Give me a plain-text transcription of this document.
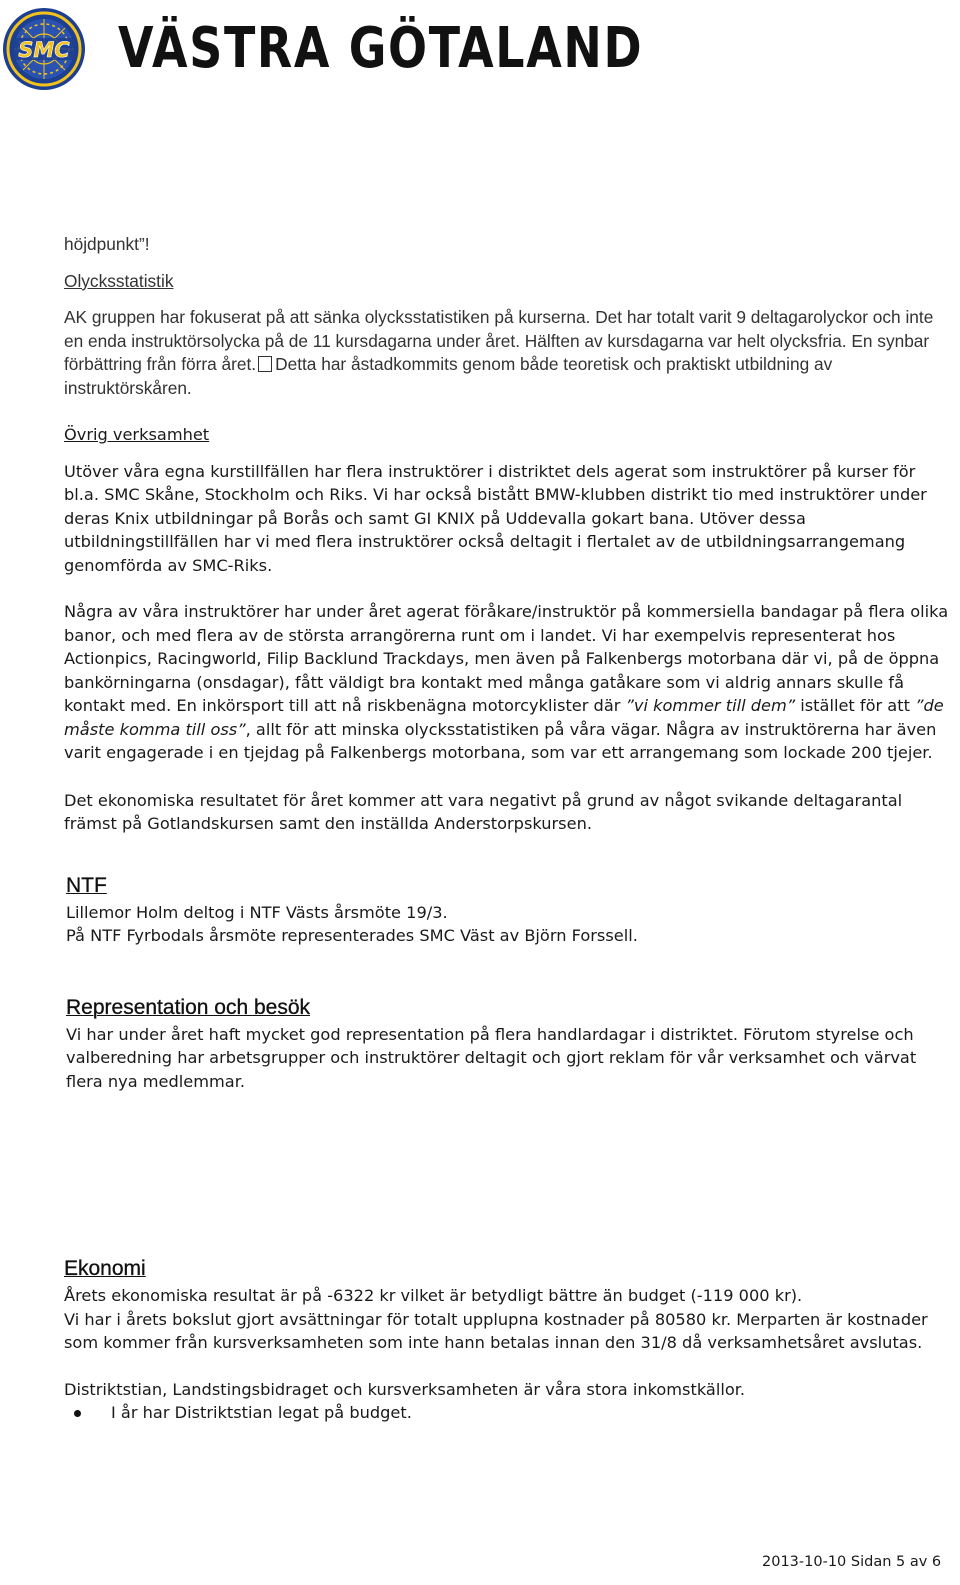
SMC VÄSTRA GÖTALAND

höjdpunkt”!

Olycksstatistik

AK gruppen har fokuserat på att sänka olycksstatistiken på kurserna. Det har totalt varit 9 deltagarolyckor och inte en enda instruktörsolycka på de 11 kursdagarna under året. Hälften av kursdagarna var helt olycksfria. En synbar förbättring från förra året. Detta har åstadkommits genom både teoretisk och praktiskt utbildning av instruktörskåren.

Övrig verksamhet

Utöver våra egna kurstillfällen har flera instruktörer i distriktet dels agerat som instruktörer på kurser för bl.a. SMC Skåne, Stockholm och Riks. Vi har också bistått BMW-klubben distrikt tio med instruktörer under deras Knix utbildningar på Borås och samt GI KNIX på Uddevalla gokart bana. Utöver dessa utbildningstillfällen har vi med flera instruktörer också deltagit i flertalet av de utbildningsarrangemang genomförda av SMC-Riks.

Några av våra instruktörer har under året agerat föråkare/instruktör på kommersiella bandagar på flera olika banor, och med flera av de största arrangörerna runt om i landet. Vi har exempelvis representerat hos Actionpics, Racingworld, Filip Backlund Trackdays, men även på Falkenbergs motorbana där vi, på de öppna bankörningarna (onsdagar), fått väldigt bra kontakt med många gatåkare som vi aldrig annars skulle få kontakt med. En inkörsport till att nå riskbenägna motorcyklister där ”vi kommer till dem” istället för att ”de måste komma till oss”, allt för att minska olycksstatistiken på våra vägar. Några av instruktörerna har även varit engagerade i en tjejdag på Falkenbergs motorbana, som var ett arrangemang som lockade 200 tjejer.

Det ekonomiska resultatet för året kommer att vara negativt på grund av något svikande deltagarantal främst på Gotlandskursen samt den inställda Anderstorpskursen.

NTF

Lillemor Holm deltog i NTF Västs årsmöte 19/3.

På NTF Fyrbodals årsmöte representerades SMC Väst av Björn Forssell.

Representation och besök

Vi har under året haft mycket god representation på flera handlardagar i distriktet. Förutom styrelse och valberedning har arbetsgrupper och instruktörer deltagit och gjort reklam för vår verksamhet och värvat flera nya medlemmar.

Ekonomi

Årets ekonomiska resultat är på -6322 kr vilket är betydligt bättre än budget (-119 000 kr).

Vi har i årets bokslut gjort avsättningar för totalt upplupna kostnader på 80580 kr. Merparten är kostnader som kommer från kursverksamheten som inte hann betalas innan den 31/8 då verksamhetsåret avslutas.

Distriktstian, Landstingsbidraget och kursverksamheten är våra stora inkomstkällor.

I år har Distriktstian legat på budget.

2013-10-10 Sidan 5 av 6
